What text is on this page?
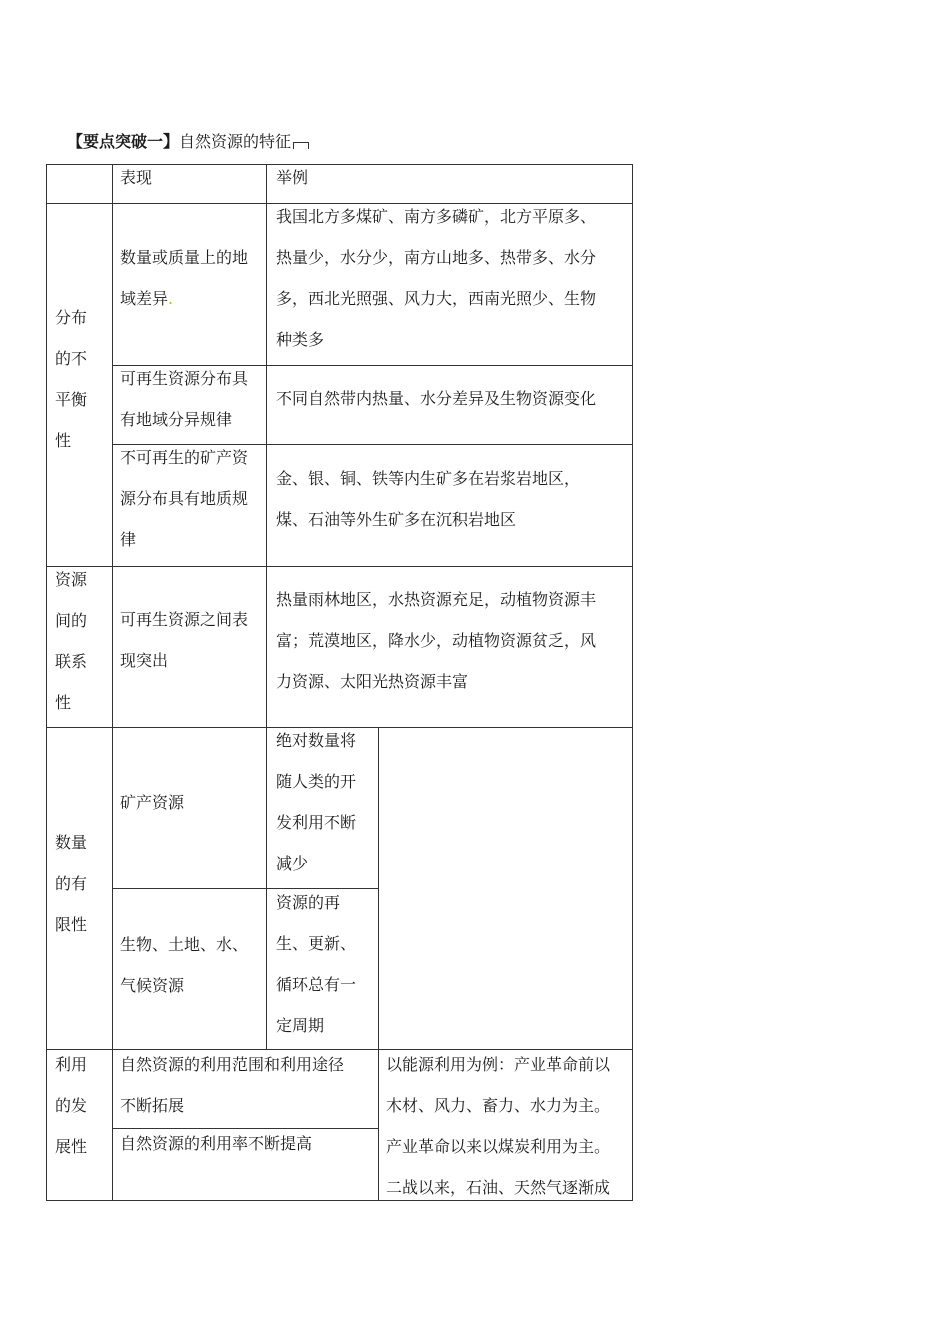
【要点突破一】自然资源的特征
表现	举例
分布
的不
平衡
性
数量或质量上的地
域差异.
我国北方多煤矿、南方多磷矿，北方平原多、
热量少，水分少，南方山地多、热带多、水分
多，西北光照强、风力大，西南光照少、生物
种类多
可再生资源分布具
有地域分异规律
不同自然带内热量、水分差异及生物资源变化
不可再生的矿产资
源分布具有地质规
律
金、银、铜、铁等内生矿多在岩浆岩地区，
煤、石油等外生矿多在沉积岩地区
资源
间的
联系
性
可再生资源之间表
现突出
热量雨林地区，水热资源充足，动植物资源丰
富；荒漠地区，降水少，动植物资源贫乏，风
力资源、太阳光热资源丰富
数量
的有
限性
矿产资源
绝对数量将
随人类的开
发利用不断
减少
生物、土地、水、
气候资源
资源的再
生、更新、
循环总有一
定周期
利用
的发
展性
自然资源的利用范围和利用途径
不断拓展
自然资源的利用率不断提高
以能源利用为例：产业革命前以
木材、风力、畜力、水力为主。
产业革命以来以煤炭利用为主。
二战以来，石油、天然气逐渐成
